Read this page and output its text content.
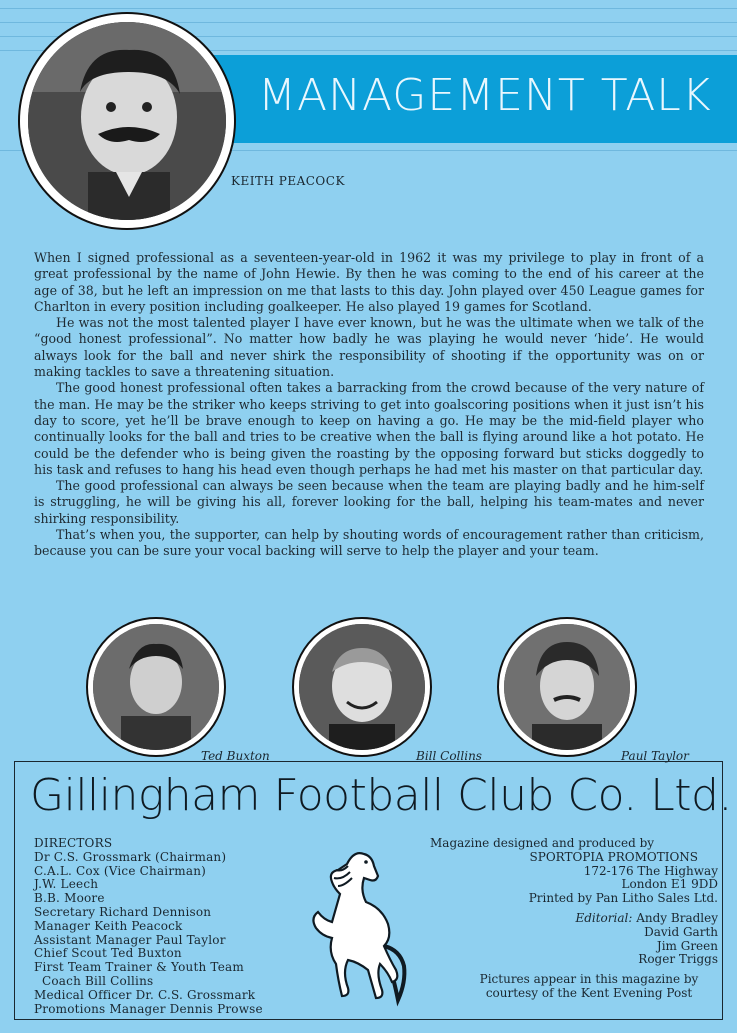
MANAGEMENT TALK
KEITH PEACOCK

When I signed professional as a seventeen-year-old in 1962 it was my privilege to play in front of a great professional by the name of John Hewie. By then he was coming to the end of his career at the age of 38, but he left an impression on me that lasts to this day. John played over 450 League games for Charlton in every position including goalkeeper. He also played 19 games for Scotland.

He was not the most talented player I have ever known, but he was the ultimate when we talk of the “good honest professional”. No matter how badly he was playing he would never ‘hide’. He would always look for the ball and never shirk the responsibility of shooting if the opportunity was on or making tackles to save a threatening situation.

The good honest professional often takes a barracking from the crowd because of the very nature of the man. He may be the striker who keeps striving to get into goalscoring positions when it just isn’t his day to score, yet he’ll be brave enough to keep on having a go. He may be the mid-field player who continually looks for the ball and tries to be creative when the ball is flying around like a hot potato. He could be the defender who is being given the roasting by the opposing forward but sticks doggedly to his task and refuses to hang his head even though perhaps he had met his master on that particular day.

The good professional can always be seen because when the team are playing badly and he him-self is struggling, he will be giving his all, forever looking for the ball, helping his team-mates and never shirking responsibility.

That’s when you, the supporter, can help by shouting words of encouragement rather than criticism, because you can be sure your vocal backing will serve to help the player and your team.

Ted Buxton	Bill Collins	Paul Taylor
Gillingham Football Club Co. Ltd.
DIRECTORS
Dr C.S. Grossmark (Chairman)
C.A.L. Cox (Vice Chairman)
J.W. Leech
B.B. Moore
Secretary Richard Dennison
Manager Keith Peacock
Assistant Manager Paul Taylor
Chief Scout Ted Buxton
First Team Trainer & Youth Team
Coach Bill Collins
Medical Officer Dr. C.S. Grossmark
Promotions Manager Dennis Prowse
Magazine designed and produced by
SPORTOPIA PROMOTIONS
172-176 The Highway
London E1 9DD
Printed by Pan Litho Sales Ltd.
Editorial: Andy Bradley
David Garth
Jim Green
Roger Triggs
Pictures appear in this magazine by
courtesy of the Kent Evening Post
